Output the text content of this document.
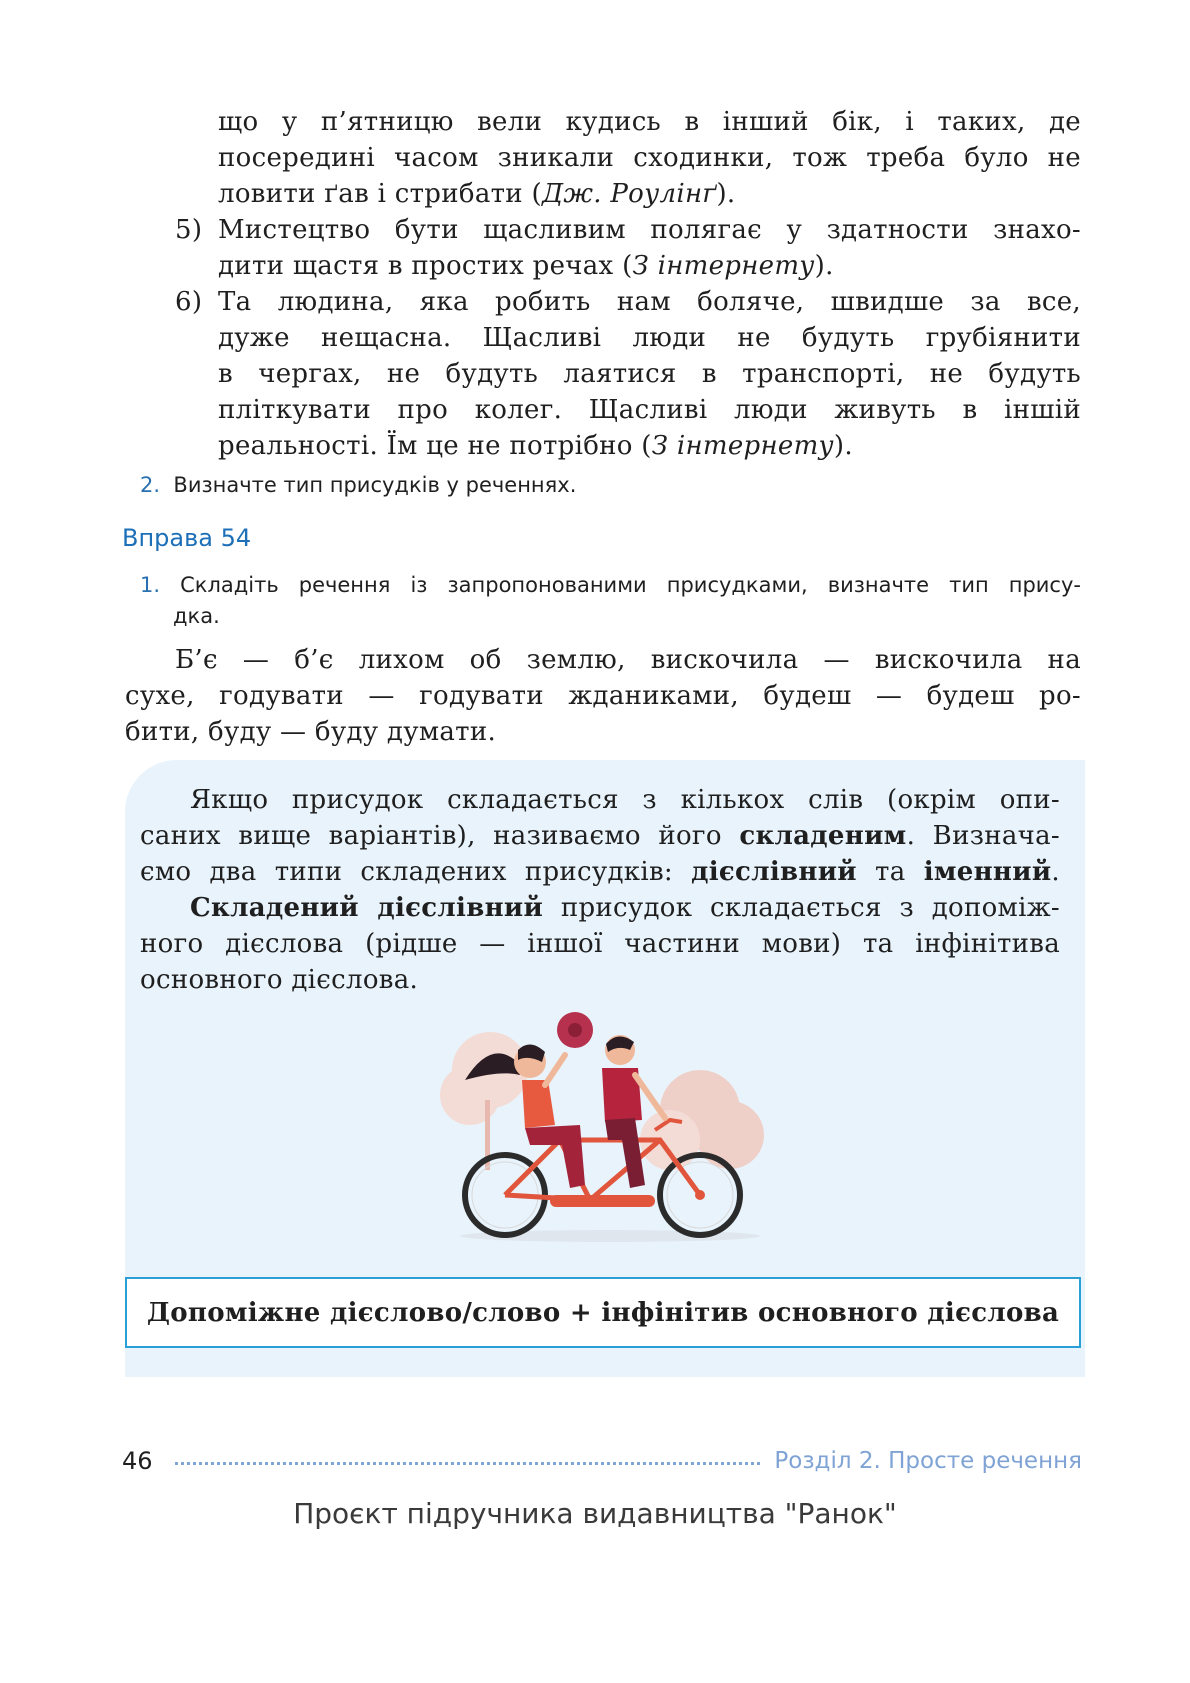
що у п’ятницю вели кудись в інший бік, і таких, де
посередині часом зникали сходинки, тож треба було не
ловити ґав і стрибати (Дж. Роулінґ).
5) Мистецтво бути щасливим полягає у здатности знахо-
дити щастя в простих речах (З інтернету).
6) Та людина, яка робить нам боляче, швидше за все,
дуже нещасна. Щасливі люди не будуть грубіянити
в чергах, не будуть лаятися в транспорті, не будуть
пліткувати про колег. Щасливі люди живуть в іншій
реальності. Їм це не потрібно (З інтернету).
2. Визначте тип присудків у реченнях.
Вправа 54
1. Складіть речення із запропонованими присудками, визначте тип прису-
дка.
Б’є — б’є лихом об землю, вискочила — вискочила на
сухе, годувати — годувати жданиками, будеш — будеш ро-
бити, буду — буду думати.
Якщо присудок складається з кількох слів (окрім опи-
саних вище варіантів), називаємо його складеним. Визнача-
ємо два типи складених присудків: дієслівний та іменний.
Складений дієслівний присудок складається з допоміж-
ного дієслова (рідше — іншої частини мови) та інфінітива
основного дієслова.
Допоміжне дієслово/слово + інфінітив основного дієслова
46	Розділ 2. Просте речення
Проєкт підручника видавництва "Ранок"
